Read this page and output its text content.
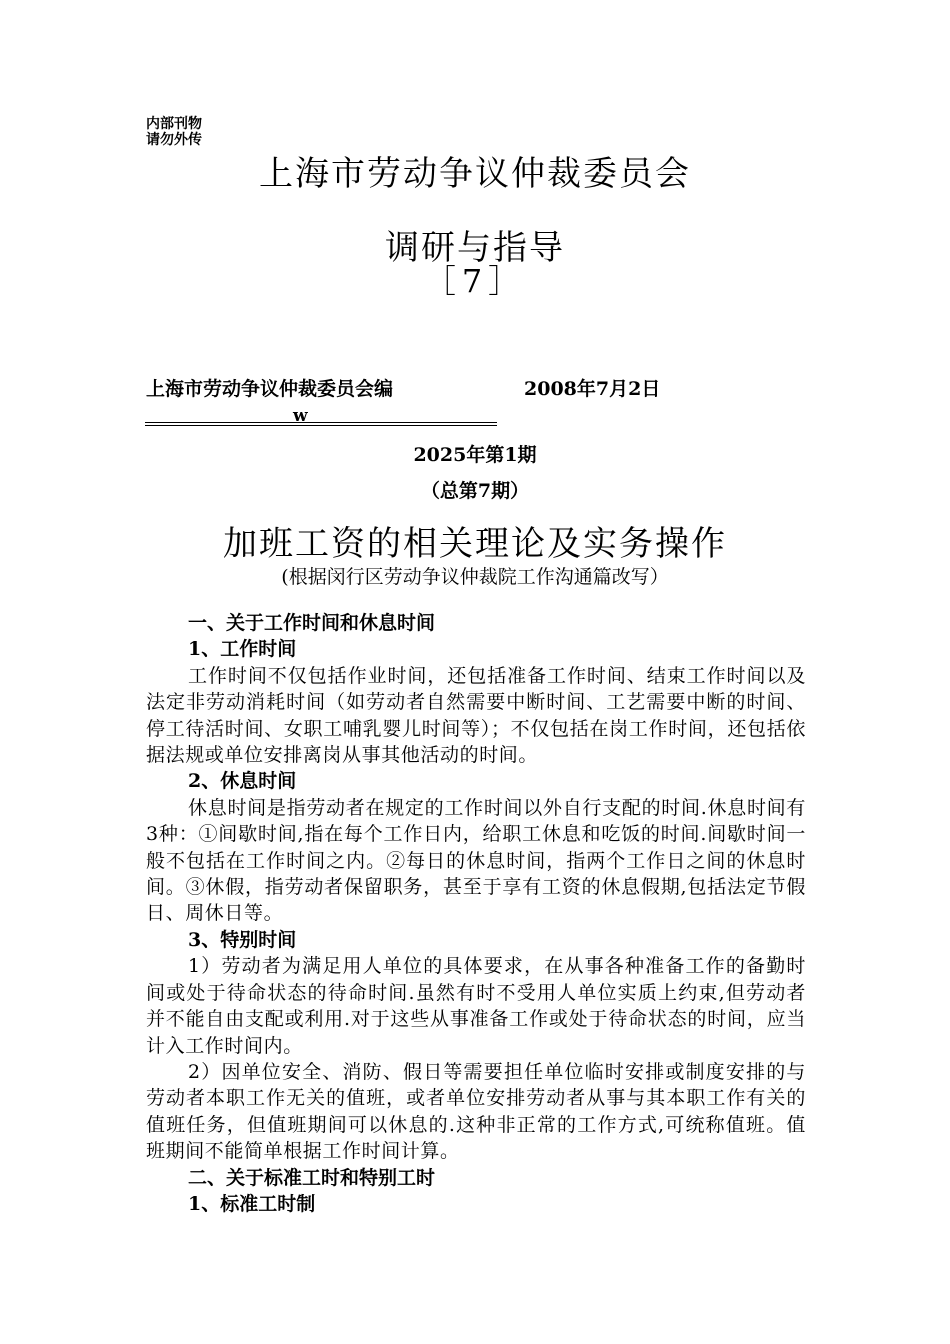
内部刊物
请勿外传
上海市劳动争议仲裁委员会
调研与指导
［7］
上海市劳动争议仲裁委员会编	2008年7月2日
w
2025年第1期
（总第7期）
加班工资的相关理论及实务操作
(根据闵行区劳动争议仲裁院工作沟通篇改写）
一、关于工作时间和休息时间
1、工作时间
工作时间不仅包括作业时间，还包括准备工作时间、结束工作时间以及法定非劳动消耗时间（如劳动者自然需要中断时间、工艺需要中断的时间、停工待活时间、女职工哺乳婴儿时间等）；不仅包括在岗工作时间，还包括依据法规或单位安排离岗从事其他活动的时间。
2、休息时间
休息时间是指劳动者在规定的工作时间以外自行支配的时间.休息时间有3种：①间歇时间,指在每个工作日内，给职工休息和吃饭的时间.间歇时间一般不包括在工作时间之内。②每日的休息时间，指两个工作日之间的休息时间。③休假，指劳动者保留职务，甚至于享有工资的休息假期,包括法定节假日、周休日等。
3、特别时间
1）劳动者为满足用人单位的具体要求，在从事各种准备工作的备勤时间或处于待命状态的待命时间.虽然有时不受用人单位实质上约束,但劳动者并不能自由支配或利用.对于这些从事准备工作或处于待命状态的时间，应当计入工作时间内。
2）因单位安全、消防、假日等需要担任单位临时安排或制度安排的与劳动者本职工作无关的值班，或者单位安排劳动者从事与其本职工作有关的值班任务，但值班期间可以休息的.这种非正常的工作方式,可统称值班。值班期间不能简单根据工作时间计算。
二、关于标准工时和特别工时
1、标准工时制
